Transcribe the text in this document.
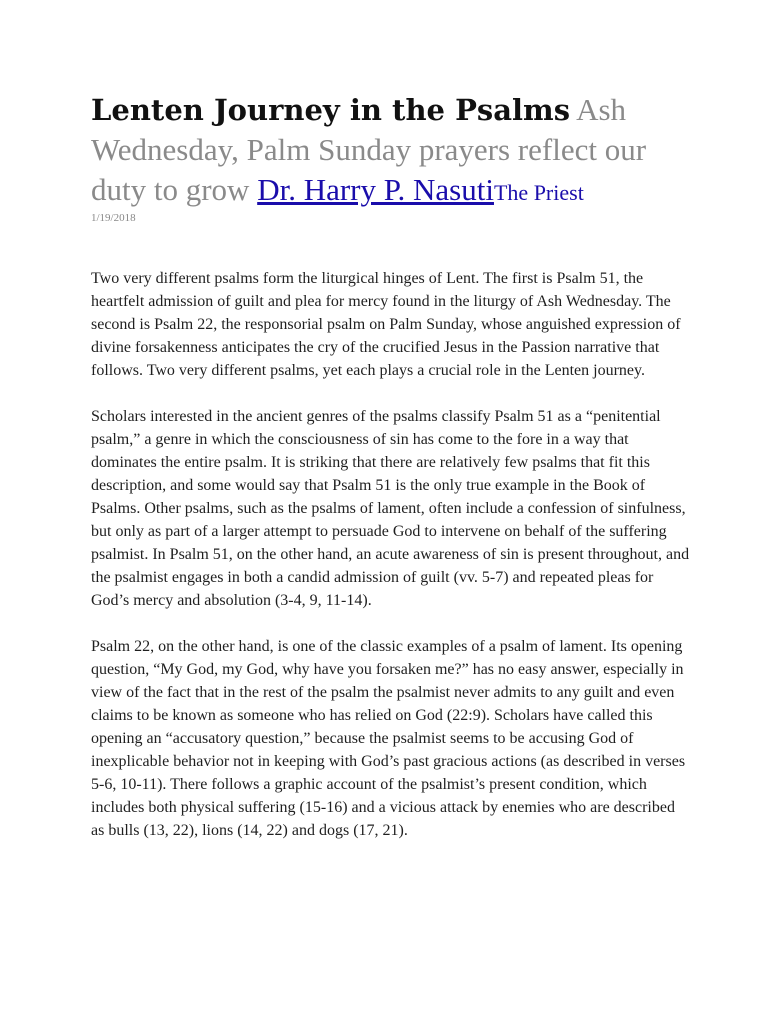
Lenten Journey in the Psalms Ash Wednesday, Palm Sunday prayers reflect our duty to grow Dr. Harry P. NasutiThe Priest
1/19/2018

Two very different psalms form the liturgical hinges of Lent. The first is Psalm 51, the heartfelt admission of guilt and plea for mercy found in the liturgy of Ash Wednesday. The second is Psalm 22, the responsorial psalm on Palm Sunday, whose anguished expression of divine forsakenness anticipates the cry of the crucified Jesus in the Passion narrative that follows. Two very different psalms, yet each plays a crucial role in the Lenten journey.

Scholars interested in the ancient genres of the psalms classify Psalm 51 as a “penitential psalm,” a genre in which the consciousness of sin has come to the fore in a way that dominates the entire psalm. It is striking that there are relatively few psalms that fit this description, and some would say that Psalm 51 is the only true example in the Book of Psalms. Other psalms, such as the psalms of lament, often include a confession of sinfulness, but only as part of a larger attempt to persuade God to intervene on behalf of the suffering psalmist. In Psalm 51, on the other hand, an acute awareness of sin is present throughout, and the psalmist engages in both a candid admission of guilt (vv. 5-7) and repeated pleas for God’s mercy and absolution (3-4, 9, 11-14).

Psalm 22, on the other hand, is one of the classic examples of a psalm of lament. Its opening question, “My God, my God, why have you forsaken me?” has no easy answer, especially in view of the fact that in the rest of the psalm the psalmist never admits to any guilt and even claims to be known as someone who has relied on God (22:9). Scholars have called this opening an “accusatory question,” because the psalmist seems to be accusing God of inexplicable behavior not in keeping with God’s past gracious actions (as described in verses 5-6, 10-11). There follows a graphic account of the psalmist’s present condition, which includes both physical suffering (15-16) and a vicious attack by enemies who are described as bulls (13, 22), lions (14, 22) and dogs (17, 21).
